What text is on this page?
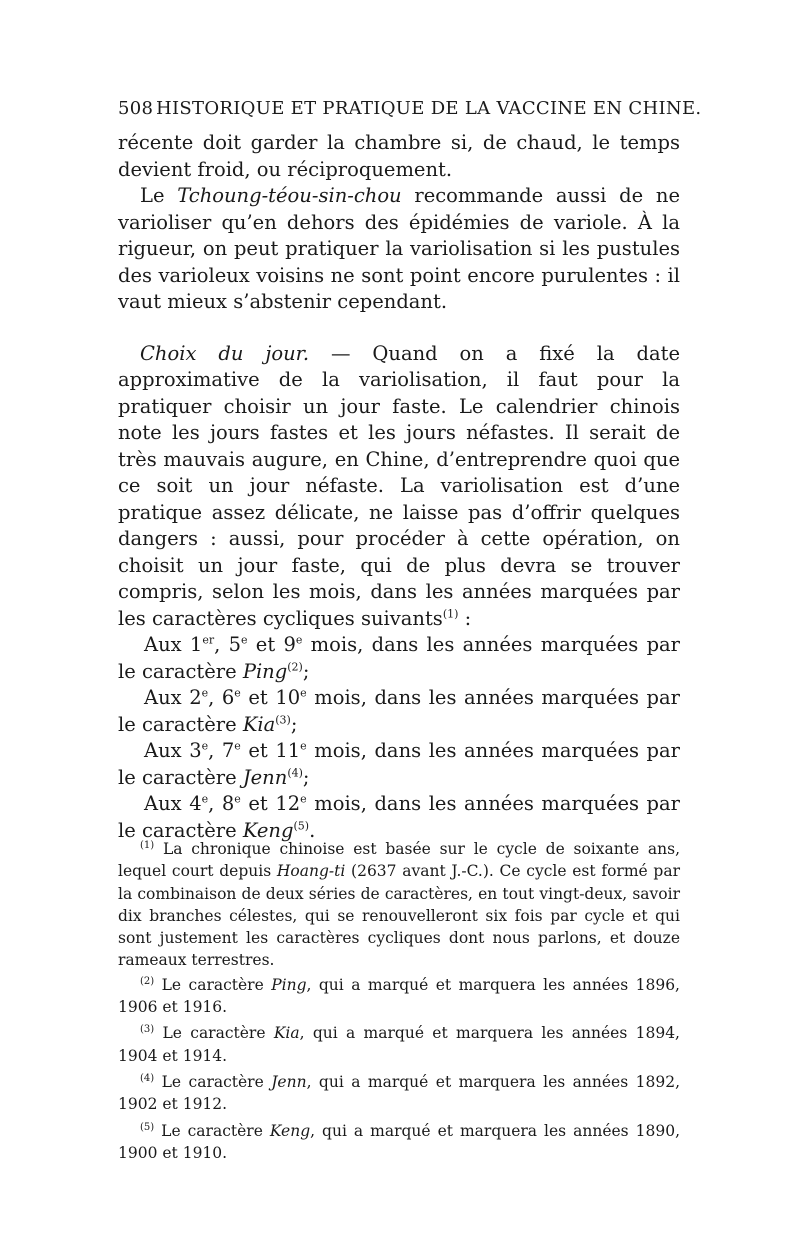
508 HISTORIQUE ET PRATIQUE DE LA VACCINE EN CHINE.

récente doit garder la chambre si, de chaud, le temps devient froid, ou réciproquement.

Le Tchoung-téou-sin-chou recommande aussi de ne varioliser qu’en dehors des épidémies de variole. À la rigueur, on peut pratiquer la variolisation si les pustules des varioleux voisins ne sont point encore purulentes : il vaut mieux s’abstenir cependant.

Choix du jour. — Quand on a fixé la date approximative de la variolisation, il faut pour la pratiquer choisir un jour faste. Le calendrier chinois note les jours fastes et les jours néfastes. Il serait de très mauvais augure, en Chine, d’entreprendre quoi que ce soit un jour néfaste. La variolisation est d’une pratique assez délicate, ne laisse pas d’offrir quelques dangers : aussi, pour procéder à cette opération, on choisit un jour faste, qui de plus devra se trouver compris, selon les mois, dans les années marquées par les caractères cycliques suivants$^{(1)}$ :

Aux 1er, 5e et 9e mois, dans les années marquées par le caractère Ping$^{(2)}$;

Aux 2e, 6e et 10e mois, dans les années marquées par le caractère Kia$^{(3)}$;

Aux 3e, 7e et 11e mois, dans les années marquées par le caractère Jenn$^{(4)}$;

Aux 4e, 8e et 12e mois, dans les années marquées par le caractère Keng$^{(5)}$.

$^{(1)}$ La chronique chinoise est basée sur le cycle de soixante ans, lequel court depuis Hoang-ti (2637 avant J.-C.). Ce cycle est formé par la combinaison de deux séries de caractères, en tout vingt-deux, savoir dix branches célestes, qui se renouvelleront six fois par cycle et qui sont justement les caractères cycliques dont nous parlons, et douze rameaux terrestres.

$^{(2)}$ Le caractère Ping, qui a marqué et marquera les années 1896, 1906 et 1916.

$^{(3)}$ Le caractère Kia, qui a marqué et marquera les années 1894, 1904 et 1914.

$^{(4)}$ Le caractère Jenn, qui a marqué et marquera les années 1892, 1902 et 1912.

$^{(5)}$ Le caractère Keng, qui a marqué et marquera les années 1890, 1900 et 1910.
